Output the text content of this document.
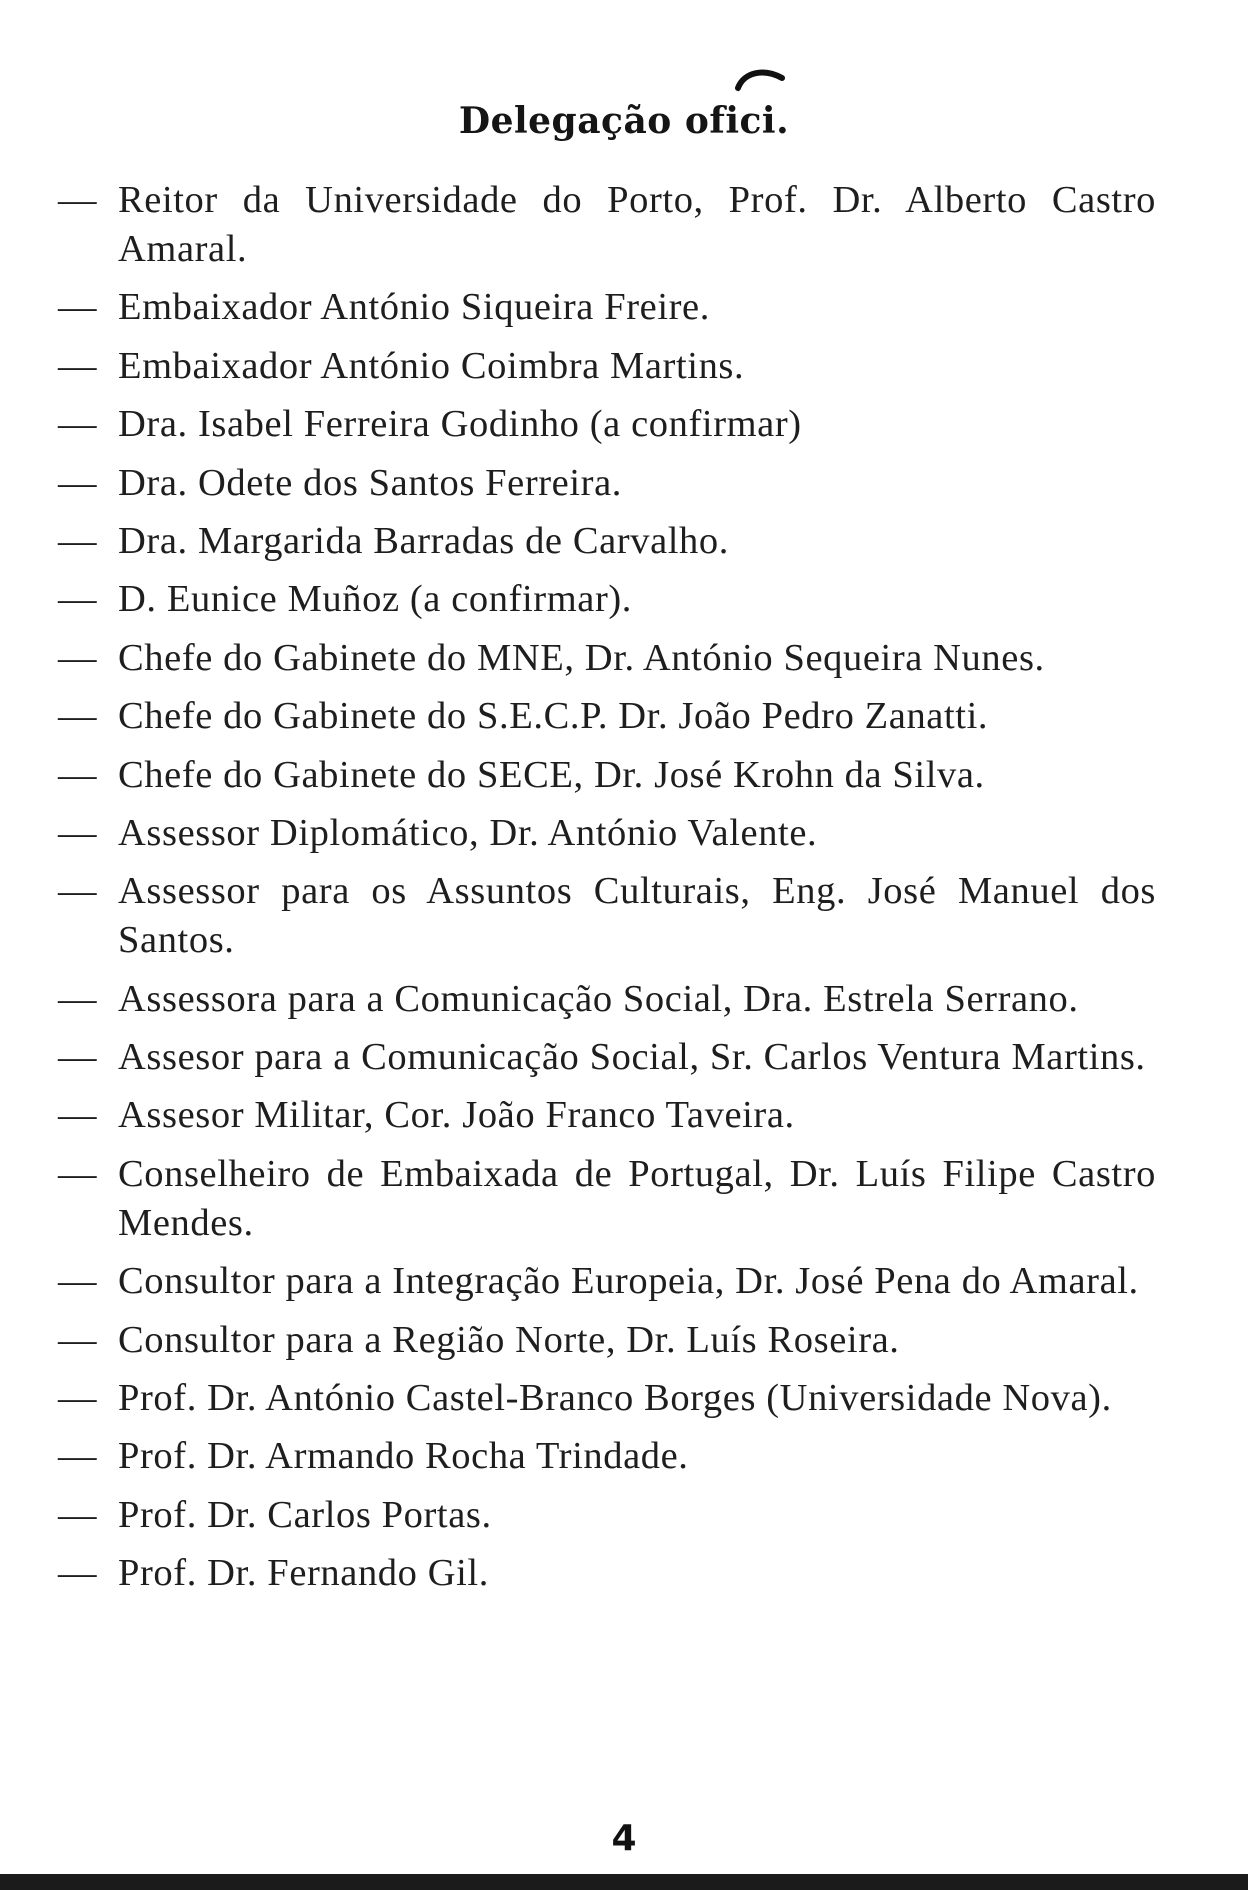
Delegação ofici.
— Reitor da Universidade do Porto, Prof. Dr. Alberto Castro Amaral.
— Embaixador António Siqueira Freire.
— Embaixador António Coimbra Martins.
— Dra. Isabel Ferreira Godinho (a confirmar)
— Dra. Odete dos Santos Ferreira.
— Dra. Margarida Barradas de Carvalho.
— D. Eunice Muñoz (a confirmar).
— Chefe do Gabinete do MNE, Dr. António Sequeira Nunes.
— Chefe do Gabinete do S.E.C.P. Dr. João Pedro Zanatti.
— Chefe do Gabinete do SECE, Dr. José Krohn da Silva.
— Assessor Diplomático, Dr. António Valente.
— Assessor para os Assuntos Culturais, Eng. José Manuel dos Santos.
— Assessora para a Comunicação Social, Dra. Estrela Serrano.
— Assesor para a Comunicação Social, Sr. Carlos Ventura Martins.
— Assesor Militar, Cor. João Franco Taveira.
— Conselheiro de Embaixada de Portugal, Dr. Luís Filipe Castro Mendes.
— Consultor para a Integração Europeia, Dr. José Pena do Amaral.
— Consultor para a Região Norte, Dr. Luís Roseira.
— Prof. Dr. António Castel-Branco Borges (Universidade Nova).
— Prof. Dr. Armando Rocha Trindade.
— Prof. Dr. Carlos Portas.
— Prof. Dr. Fernando Gil.
4
